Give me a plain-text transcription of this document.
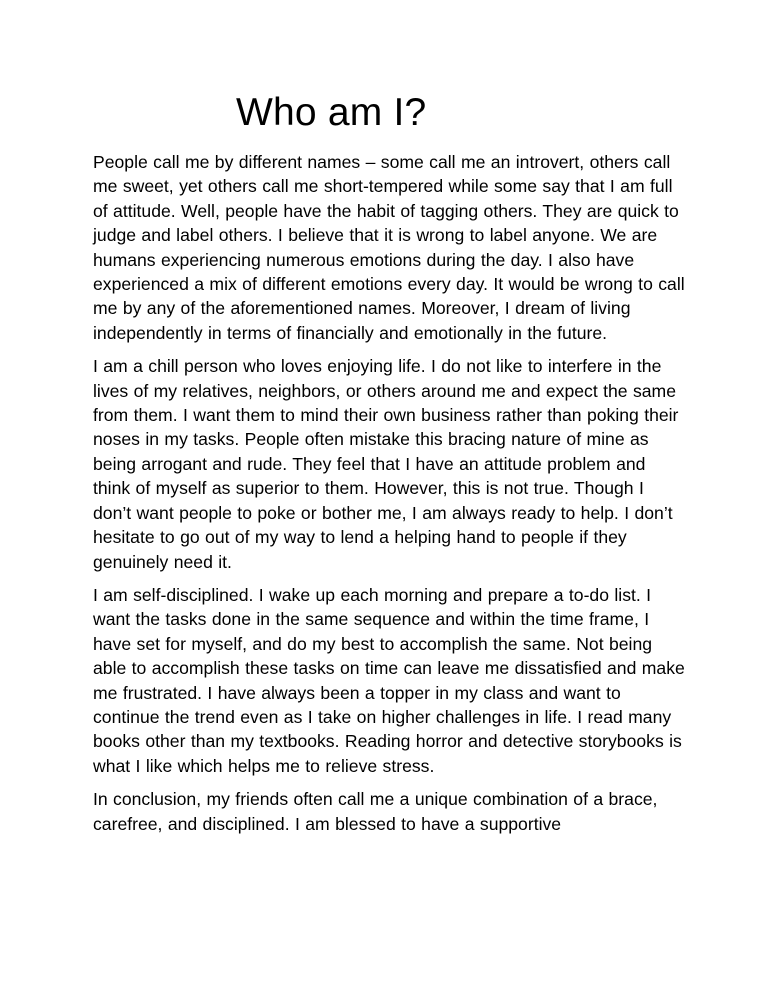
Who am I?

People call me by different names – some call me an introvert, others call me sweet, yet others call me short-tempered while some say that I am full of attitude. Well, people have the habit of tagging others. They are quick to judge and label others. I believe that it is wrong to label anyone. We are humans experiencing numerous emotions during the day. I also have experienced a mix of different emotions every day. It would be wrong to call me by any of the aforementioned names. Moreover, I dream of living independently in terms of financially and emotionally in the future.

I am a chill person who loves enjoying life. I do not like to interfere in the lives of my relatives, neighbors, or others around me and expect the same from them. I want them to mind their own business rather than poking their noses in my tasks. People often mistake this bracing nature of mine as being arrogant and rude. They feel that I have an attitude problem and think of myself as superior to them. However, this is not true. Though I don’t want people to poke or bother me, I am always ready to help. I don’t hesitate to go out of my way to lend a helping hand to people if they genuinely need it.

I am self-disciplined. I wake up each morning and prepare a to-do list. I want the tasks done in the same sequence and within the time frame, I have set for myself, and do my best to accomplish the same. Not being able to accomplish these tasks on time can leave me dissatisfied and make me frustrated. I have always been a topper in my class and want to continue the trend even as I take on higher challenges in life. I read many books other than my textbooks. Reading horror and detective storybooks is what I like which helps me to relieve stress.

In conclusion, my friends often call me a unique combination of a brace, carefree, and disciplined. I am blessed to have a supportive
